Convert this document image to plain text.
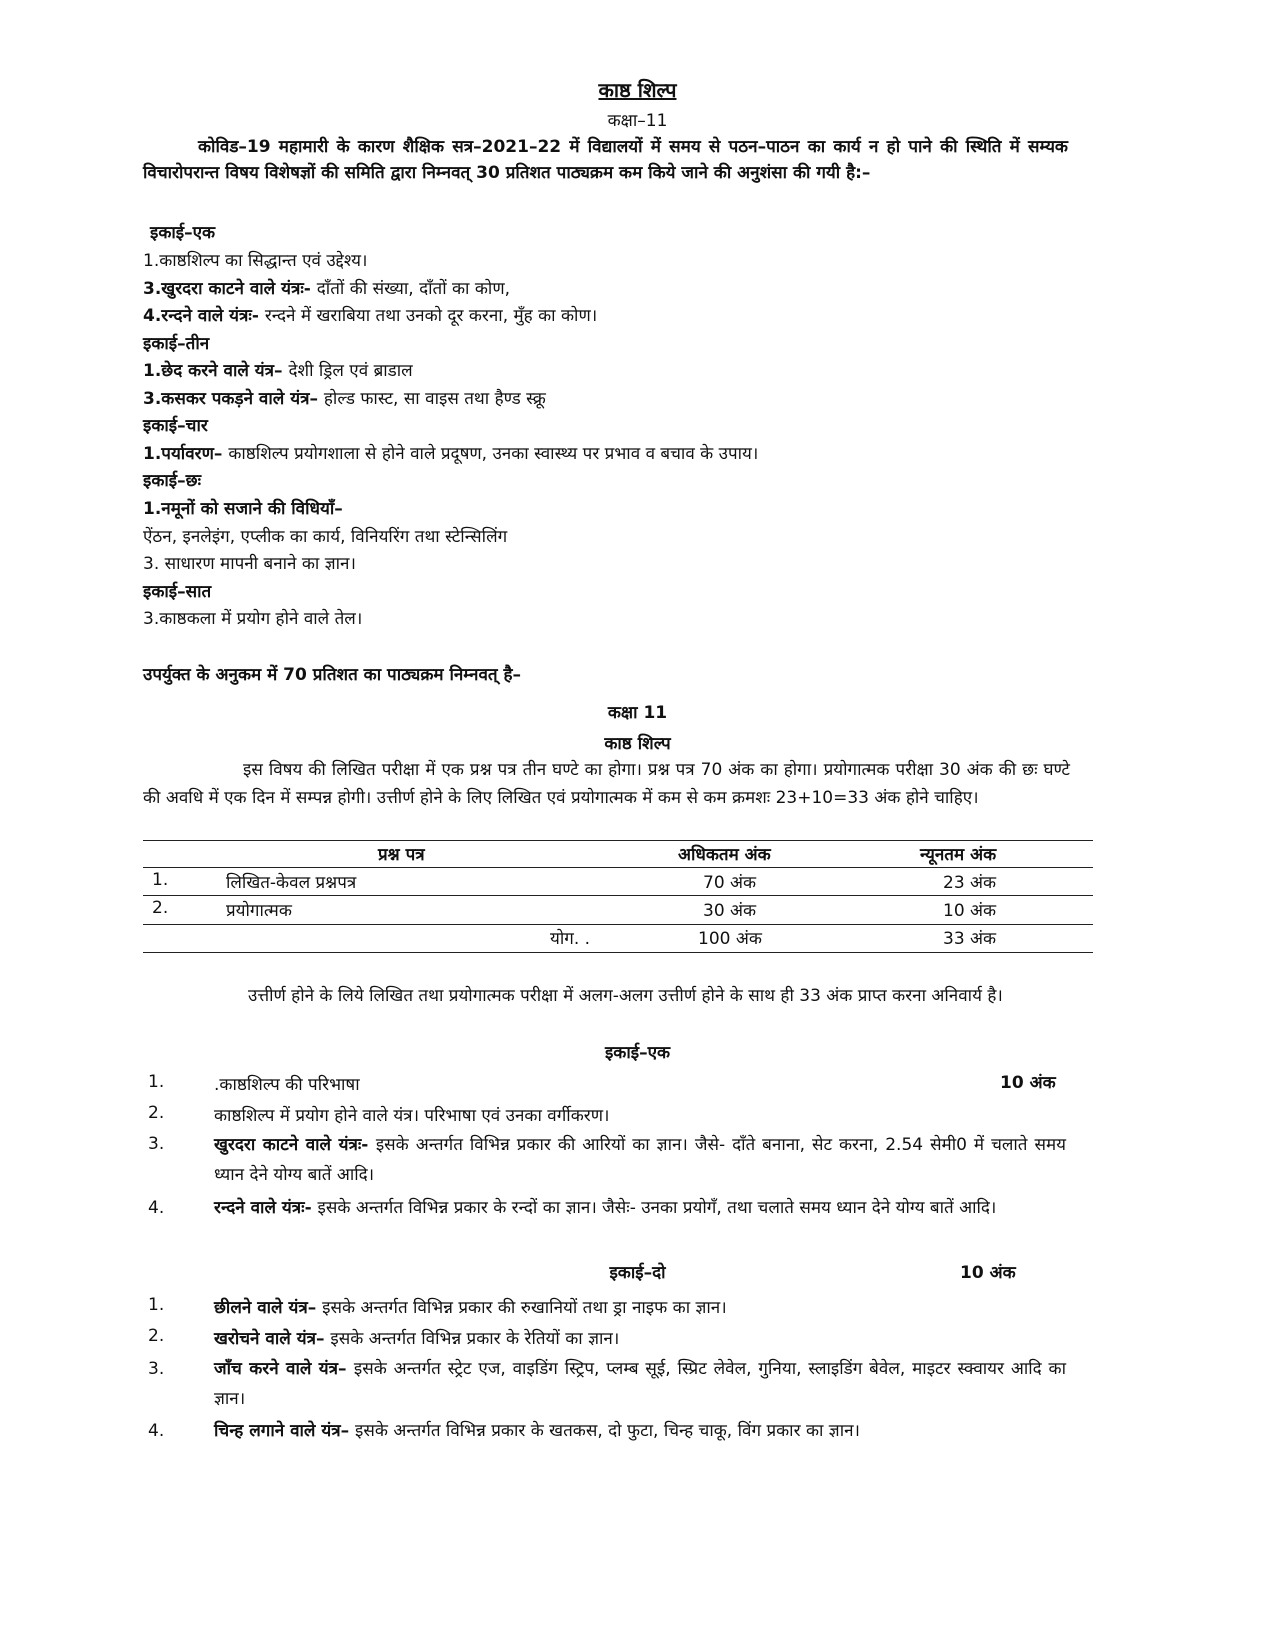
काष्ठ शिल्प
कक्षा–11
कोविड–19 महामारी के कारण शैक्षिक सत्र–2021–22 में विद्यालयों में समय से पठन–पाठन का कार्य न हो पाने की स्थिति में सम्यक विचारोपरान्त विषय विशेषज्ञों की समिति द्वारा निम्नवत् 30 प्रतिशत पाठ्यक्रम कम किये जाने की अनुशंसा की गयी है:–
इकाई–एक
1.काष्ठशिल्प का सिद्धान्त एवं उद्देश्य।
3.खुरदरा काटने वाले यंत्रः- दाँतों की संख्या, दाँतों का कोण,
4.रन्दने वाले यंत्रः- रन्दने में खराबिया तथा उनको दूर करना, मुँह का कोण।
इकाई–तीन
1.छेद करने वाले यंत्र– देशी ड्रिल एवं ब्राडाल
3.कसकर पकड़ने वाले यंत्र– होल्ड फास्ट, सा वाइस तथा हैण्ड स्क्रू
इकाई–चार
1.पर्यावरण– काष्ठशिल्प प्रयोगशाला से होने वाले प्रदूषण, उनका स्वास्थ्य पर प्रभाव व बचाव के उपाय।
इकाई–छः
1.नमूनों को सजाने की विधियाँ–
ऐंठन, इनलेइंग, एप्लीक का कार्य, विनियरिंग तथा स्टेन्सिलिंग
3. साधारण मापनी बनाने का ज्ञान।
इकाई–सात
3.काष्ठकला में प्रयोग होने वाले तेल।
उपर्युक्त के अनुकम में 70 प्रतिशत का पाठ्यक्रम निम्नवत् है–
कक्षा 11
काष्ठ शिल्प
इस विषय की लिखित परीक्षा में एक प्रश्न पत्र तीन घण्टे का होगा। प्रश्न पत्र 70 अंक का होगा। प्रयोगात्मक परीक्षा 30 अंक की छः घण्टे की अवधि में एक दिन में सम्पन्न होगी। उत्तीर्ण होने के लिए लिखित एवं प्रयोगात्मक में कम से कम क्रमशः 23+10=33 अंक होने चाहिए।
प्रश्न पत्र	अधिकतम अंक	न्यूनतम अंक
1.	लिखित-केवल प्रश्नपत्र	70 अंक	23 अंक
2.	प्रयोगात्मक	30 अंक	10 अंक
योग. .	100 अंक	33 अंक
उत्तीर्ण होने के लिये लिखित तथा प्रयोगात्मक परीक्षा में अलग-अलग उत्तीर्ण होने के साथ ही 33 अंक प्राप्त करना अनिवार्य है।
इकाई–एक
1.	.काष्ठशिल्प की परिभाषा	10 अंक
2.	काष्ठशिल्प में प्रयोग होने वाले यंत्र। परिभाषा एवं उनका वर्गीकरण।
3.	खुरदरा काटने वाले यंत्रः- इसके अन्तर्गत विभिन्न प्रकार की आरियों का ज्ञान। जैसे- दाँते बनाना, सेट करना, 2.54 सेमी0 में चलाते समय ध्यान देने योग्य बातें आदि।
4.	रन्दने वाले यंत्रः- इसके अन्तर्गत विभिन्न प्रकार के रन्दों का ज्ञान। जैसेः- उनका प्रयोगँ, तथा चलाते समय ध्यान देने योग्य बातें आदि।
इकाई–दो	10 अंक
1.	छीलने वाले यंत्र– इसके अन्तर्गत विभिन्न प्रकार की रुखानियों तथा ड्रा नाइफ का ज्ञान।
2.	खरोचने वाले यंत्र– इसके अन्तर्गत विभिन्न प्रकार के रेतियों का ज्ञान।
3.	जाँच करने वाले यंत्र– इसके अन्तर्गत स्ट्रेट एज, वाइडिंग स्ट्रिप, प्लम्ब सूई, स्प्रिट लेवेल, गुनिया, स्लाइडिंग बेवेल, माइटर स्क्वायर आदि का ज्ञान।
4.	चिन्ह लगाने वाले यंत्र– इसके अन्तर्गत विभिन्न प्रकार के खतकस, दो फुटा, चिन्ह चाकू, विंग प्रकार का ज्ञान।
